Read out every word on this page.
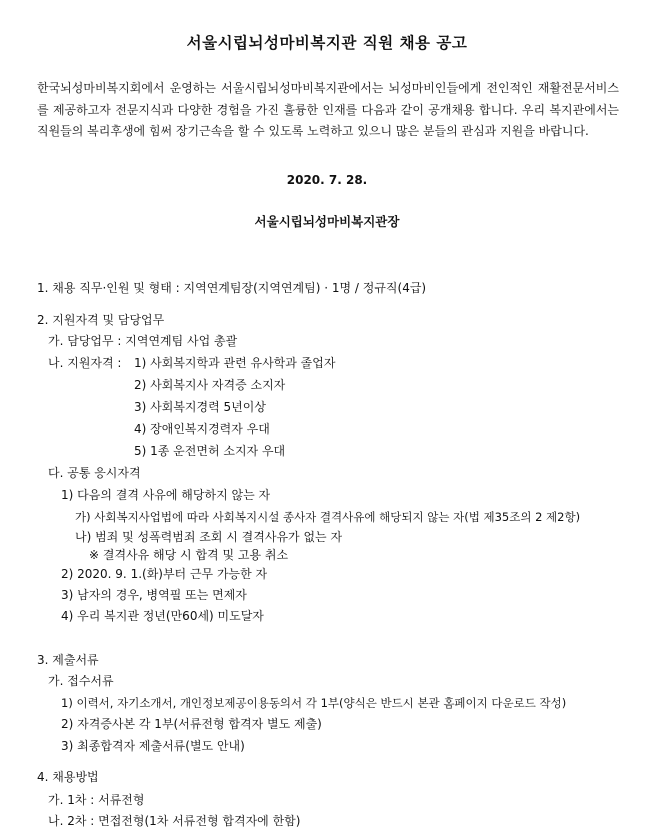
서울시립뇌성마비복지관 직원 채용 공고
한국뇌성마비복지회에서 운영하는 서울시립뇌성마비복지관에서는 뇌성마비인들에게 전인적인 재활전문서비스를 제공하고자 전문지식과 다양한 경험을 가진 훌륭한 인재를 다음과 같이 공개채용 합니다. 우리 복지관에서는 직원들의 복리후생에 힘써 장기근속을 할 수 있도록 노력하고 있으니 많은 분들의 관심과 지원을 바랍니다.
2020. 7. 28.
서울시립뇌성마비복지관장
1. 채용 직무·인원 및 형태 : 지역연계팀장(지역연계팀) · 1명 / 정규직(4급)
2. 지원자격 및 담당업무
가. 담당업무 : 지역연계팀 사업 총괄
나. 지원자격 : 1) 사회복지학과 관련 유사학과 졸업자
2) 사회복지사 자격증 소지자
3) 사회복지경력 5년이상
4) 장애인복지경력자 우대
5) 1종 운전면허 소지자 우대
다. 공통 응시자격
1) 다음의 결격 사유에 해당하지 않는 자
가) 사회복지사업법에 따라 사회복지시설 종사자 결격사유에 해당되지 않는 자(법 제35조의 2 제2항)
나) 범죄 및 성폭력범죄 조회 시 결격사유가 없는 자
※ 결격사유 해당 시 합격 및 고용 취소
2) 2020. 9. 1.(화)부터 근무 가능한 자
3) 남자의 경우, 병역필 또는 면제자
4) 우리 복지관 정년(만60세) 미도달자
3. 제출서류
가. 접수서류
1) 이력서, 자기소개서, 개인정보제공이용동의서 각 1부(양식은 반드시 본관 홈페이지 다운로드 작성)
2) 자격증사본 각 1부(서류전형 합격자 별도 제출)
3) 최종합격자 제출서류(별도 안내)
4. 채용방법
가. 1차 : 서류전형
나. 2차 : 면접전형(1차 서류전형 합격자에 한함)
